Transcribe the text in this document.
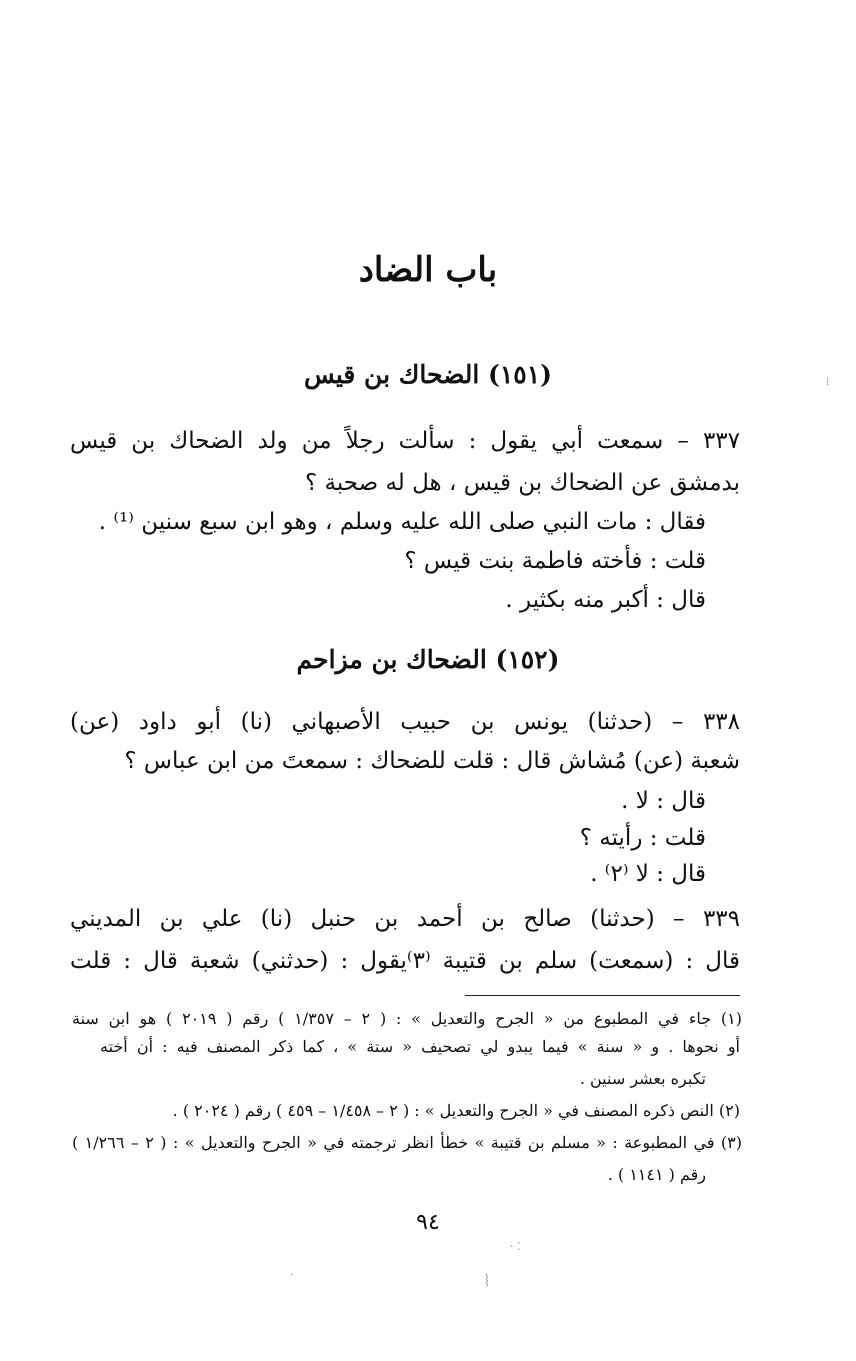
باب الضاد
(١٥١) الضحاك بن قيس

٣٣٧ – سمعت أبي يقول : سألت رجلاً من ولد الضحاك بن قيس

بدمشق عن الضحاك بن قيس ، هل له صحبة ؟

فقال : مات النبي صلى الله عليه وسلم ، وهو ابن سبع سنين ⁽¹⁾ .

قلت : فأخته فاطمة بنت قيس ؟

قال : أكبر منه بكثير .

(١٥٢) الضحاك بن مزاحم

٣٣٨ – (حدثنا) يونس بن حبيب الأصبهاني (نا) أبو داود (عن)

شعبة (عن) مُشاش قال : قلت للضحاك : سمعتَ من ابن عباس ؟

قال : لا .

قلت : رأيته ؟

قال : لا ⁽٢⁾ .

٣٣٩ – (حدثنا) صالح بن أحمد بن حنبل (نا) علي بن المديني

قال : (سمعت) سلم بن قتيبة ⁽٣⁾يقول : (حدثني) شعبة قال : قلت

(١) جاء في المطبوع من « الجرح والتعديل » : ( ٢ – ١/٣٥٧ ) رقم ( ٢٠١٩ ) هو ابن سنة
أو نحوها . و « سنة » فيما يبدو لي تصحيف « ستة » ، كما ذكر المصنف فيه : أن أخته
تكبره بعشر سنين .
(٢) النص ذكره المصنف في « الجرح والتعديل » : ( ٢ – ١/٤٥٨ – ٤٥٩ ) رقم ( ٢٠٢٤ ) .
(٣) في المطبوعة : « مسلم بن قتيبة » خطأ انظر ترجمته في « الجرح والتعديل » : ( ٢ – ١/٢٦٦ )
رقم ( ١١٤١ ) .
٩٤
⁞
· ⁚
·	⸾
